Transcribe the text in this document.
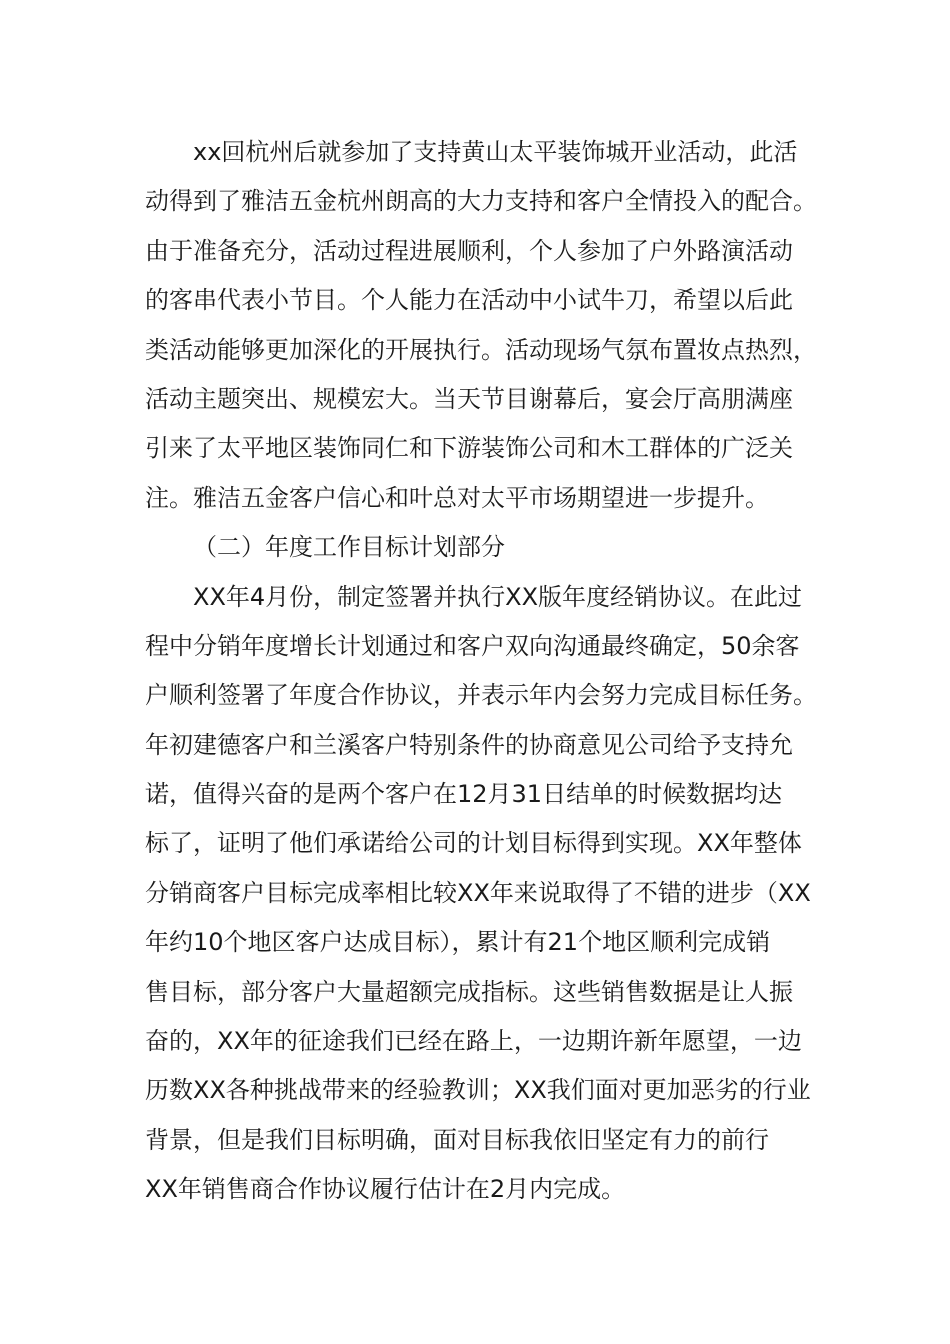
xx回杭州后就参加了支持黄山太平装饰城开业活动，此活
动得到了雅洁五金杭州朗高的大力支持和客户全情投入的配合。
由于准备充分，活动过程进展顺利，个人参加了户外路演活动
的客串代表小节目。个人能力在活动中小试牛刀，希望以后此
类活动能够更加深化的开展执行。活动现场气氛布置妆点热烈，
活动主题突出、规模宏大。当天节目谢幕后，宴会厅高朋满座
引来了太平地区装饰同仁和下游装饰公司和木工群体的广泛关
注。雅洁五金客户信心和叶总对太平市场期望进一步提升。
（二）年度工作目标计划部分
XX年4月份，制定签署并执行XX版年度经销协议。在此过
程中分销年度增长计划通过和客户双向沟通最终确定，50余客
户顺利签署了年度合作协议，并表示年内会努力完成目标任务。
年初建德客户和兰溪客户特别条件的协商意见公司给予支持允
诺，值得兴奋的是两个客户在12月31日结单的时候数据均达
标了，证明了他们承诺给公司的计划目标得到实现。XX年整体
分销商客户目标完成率相比较XX年来说取得了不错的进步（XX
年约10个地区客户达成目标），累计有21个地区顺利完成销
售目标，部分客户大量超额完成指标。这些销售数据是让人振
奋的，XX年的征途我们已经在路上，一边期许新年愿望，一边
历数XX各种挑战带来的经验教训；XX我们面对更加恶劣的行业
背景，但是我们目标明确，面对目标我依旧坚定有力的前行
XX年销售商合作协议履行估计在2月内完成。
